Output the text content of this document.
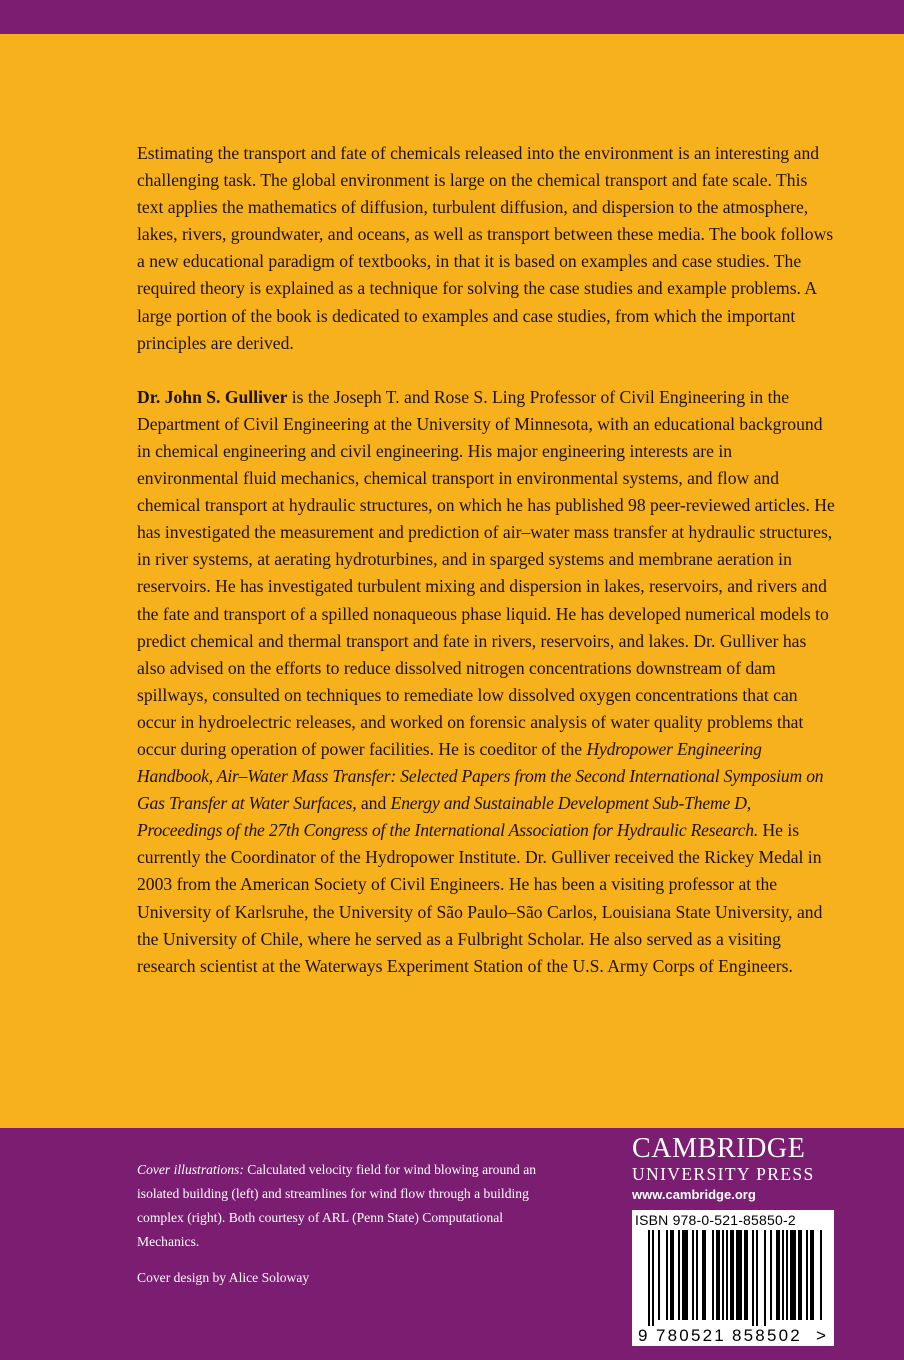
Estimating the transport and fate of chemicals released into the environment is an interesting and challenging task. The global environment is large on the chemical transport and fate scale. This text applies the mathematics of diffusion, turbulent diffusion, and dispersion to the atmosphere, lakes, rivers, groundwater, and oceans, as well as transport between these media. The book follows a new educational paradigm of textbooks, in that it is based on examples and case studies. The required theory is explained as a technique for solving the case studies and example problems. A large portion of the book is dedicated to examples and case studies, from which the important principles are derived.

Dr. John S. Gulliver is the Joseph T. and Rose S. Ling Professor of Civil Engineering in the Department of Civil Engineering at the University of Minnesota, with an educational background in chemical engineering and civil engineering. His major engineering interests are in environmental fluid mechanics, chemical transport in environmental systems, and flow and chemical transport at hydraulic structures, on which he has published 98 peer-reviewed articles. He has investigated the measurement and prediction of air–water mass transfer at hydraulic structures, in river systems, at aerating hydroturbines, and in sparged systems and membrane aeration in reservoirs. He has investigated turbulent mixing and dispersion in lakes, reservoirs, and rivers and the fate and transport of a spilled nonaqueous phase liquid. He has developed numerical models to predict chemical and thermal transport and fate in rivers, reservoirs, and lakes. Dr. Gulliver has also advised on the efforts to reduce dissolved nitrogen concentrations downstream of dam spillways, consulted on techniques to remediate low dissolved oxygen concentrations that can occur in hydroelectric releases, and worked on forensic analysis of water quality problems that occur during operation of power facilities. He is coeditor of the Hydropower Engineering Handbook, Air–Water Mass Transfer: Selected Papers from the Second International Symposium on Gas Transfer at Water Surfaces, and Energy and Sustainable Development Sub-Theme D, Proceedings of the 27th Congress of the International Association for Hydraulic Research. He is currently the Coordinator of the Hydropower Institute. Dr. Gulliver received the Rickey Medal in 2003 from the American Society of Civil Engineers. He has been a visiting professor at the University of Karlsruhe, the University of São Paulo–São Carlos, Louisiana State University, and the University of Chile, where he served as a Fulbright Scholar. He also served as a visiting research scientist at the Waterways Experiment Station of the U.S. Army Corps of Engineers.

Cover illustrations: Calculated velocity field for wind blowing around an isolated building (left) and streamlines for wind flow through a building complex (right). Both courtesy of ARL (Penn State) Computational Mechanics.

Cover design by Alice Soloway

CAMBRIDGE
UNIVERSITY PRESS
www.cambridge.org
ISBN 978-0-521-85850-2
9 780521 858502 >
